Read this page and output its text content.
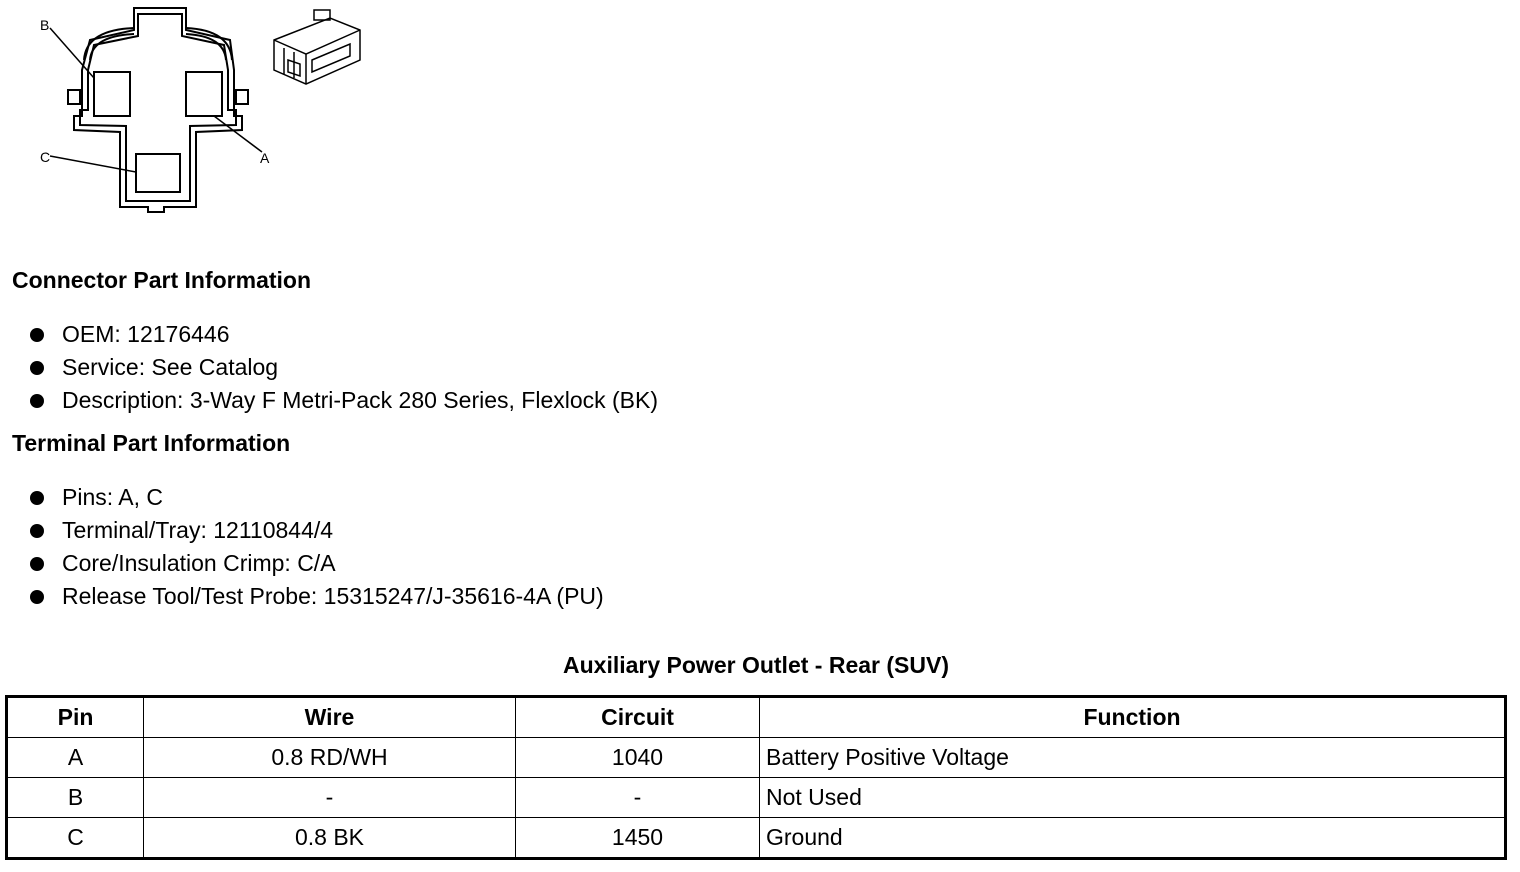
B
A
C
Connector Part Information
OEM: 12176446
Service: See Catalog
Description: 3-Way F Metri-Pack 280 Series, Flexlock (BK)
Terminal Part Information
Pins: A, C
Terminal/Tray: 12110844/4
Core/Insulation Crimp: C/A
Release Tool/Test Probe: 15315247/J-35616-4A (PU)
Auxiliary Power Outlet - Rear (SUV)
Pin	Wire	Circuit	Function
A	0.8 RD/WH	1040	Battery Positive Voltage
B	-	-	Not Used
C	0.8 BK	1450	Ground
